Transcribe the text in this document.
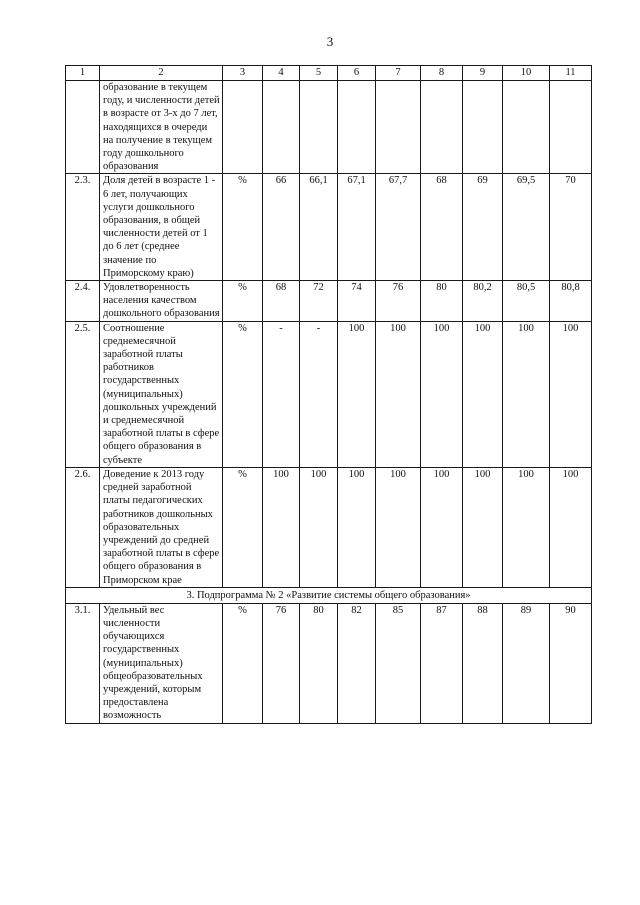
3
1	2	3	4	5	6	7	8	9	10	11
	образование в текущем году, и численности детей в возрасте от 3-х до 7 лет, находящихся в очереди на получение в текущем году дошкольного образования									
2.3.	Доля детей в возрасте 1 - 6 лет, получающих услуги дошкольного образования, в общей численности детей от 1 до 6 лет (среднее значение по Приморскому краю)	%	66	66,1	67,1	67,7	68	69	69,5	70
2.4.	Удовлетворенность населения качеством дошкольного образования	%	68	72	74	76	80	80,2	80,5	80,8
2.5.	Соотношение среднемесячной заработной платы работников государственных (муниципальных) дошкольных учреждений и среднемесячной заработной платы в сфере общего образования в субъекте	%	-	-	100	100	100	100	100	100
2.6.	Доведение к 2013 году средней заработной платы педагогических работников дошкольных образовательных учреждений до средней заработной платы в сфере общего образования в Приморском крае	%	100	100	100	100	100	100	100	100
3. Подпрограмма № 2 «Развитие системы общего образования»										
3.1.	Удельный вес численности обучающихся государственных (муниципальных) общеобразовательных учреждений, которым предоставлена возможность	%	76	80	82	85	87	88	89	90
